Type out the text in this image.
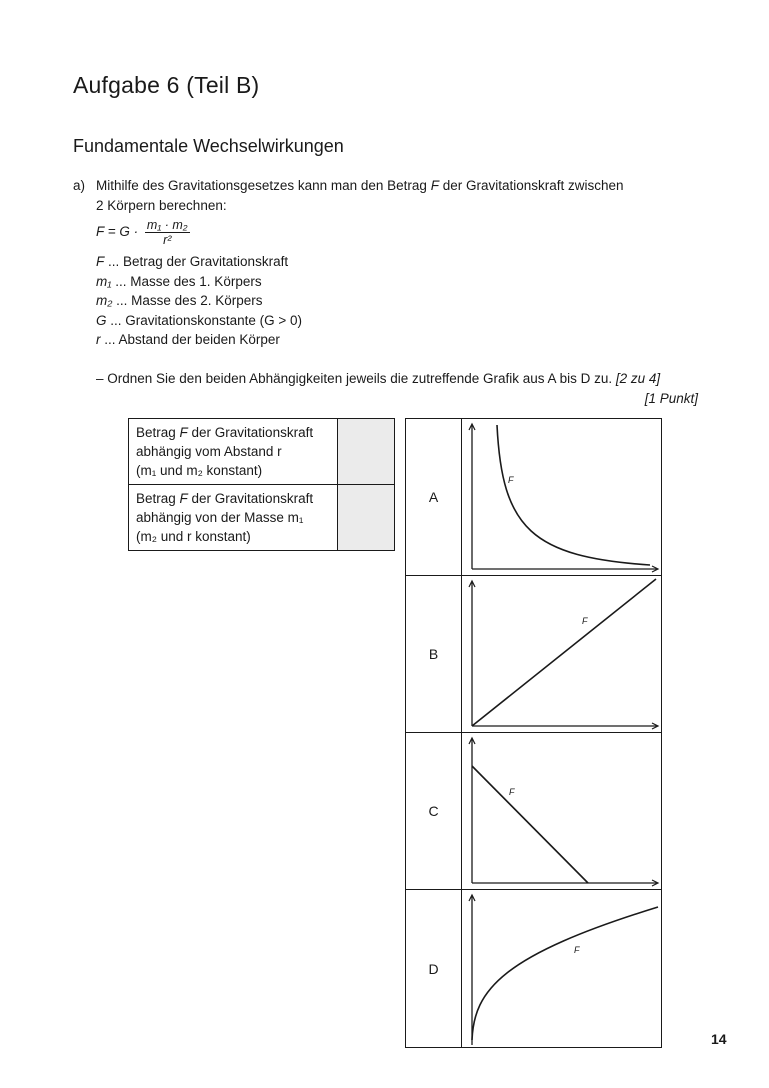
Aufgabe 6 (Teil B)
Fundamentale Wechselwirkungen
a) Mithilfe des Gravitationsgesetzes kann man den Betrag F der Gravitationskraft zwischen
2 Körpern berechnen:
$F = G \cdot \frac{\text{m₁ · m₂}}{\text{r²}}$
F ... Betrag der Gravitationskraft
m₁ ... Masse des 1. Körpers
m₂ ... Masse des 2. Körpers
G ... Gravitationskonstante (G > 0)
r ... Abstand der beiden Körper
– Ordnen Sie den beiden Abhängigkeiten jeweils die zutreffende Grafik aus A bis D zu. [2 zu 4]
[1 Punkt]
Betrag F der Gravitationskraft
abhängig vom Abstand r
(m₁ und m₂ konstant)	

Betrag F der Gravitationskraft
abhängig von der Masse m₁
(m₂ und r konstant)	

A
F
B
F
C
F
D
F
14
